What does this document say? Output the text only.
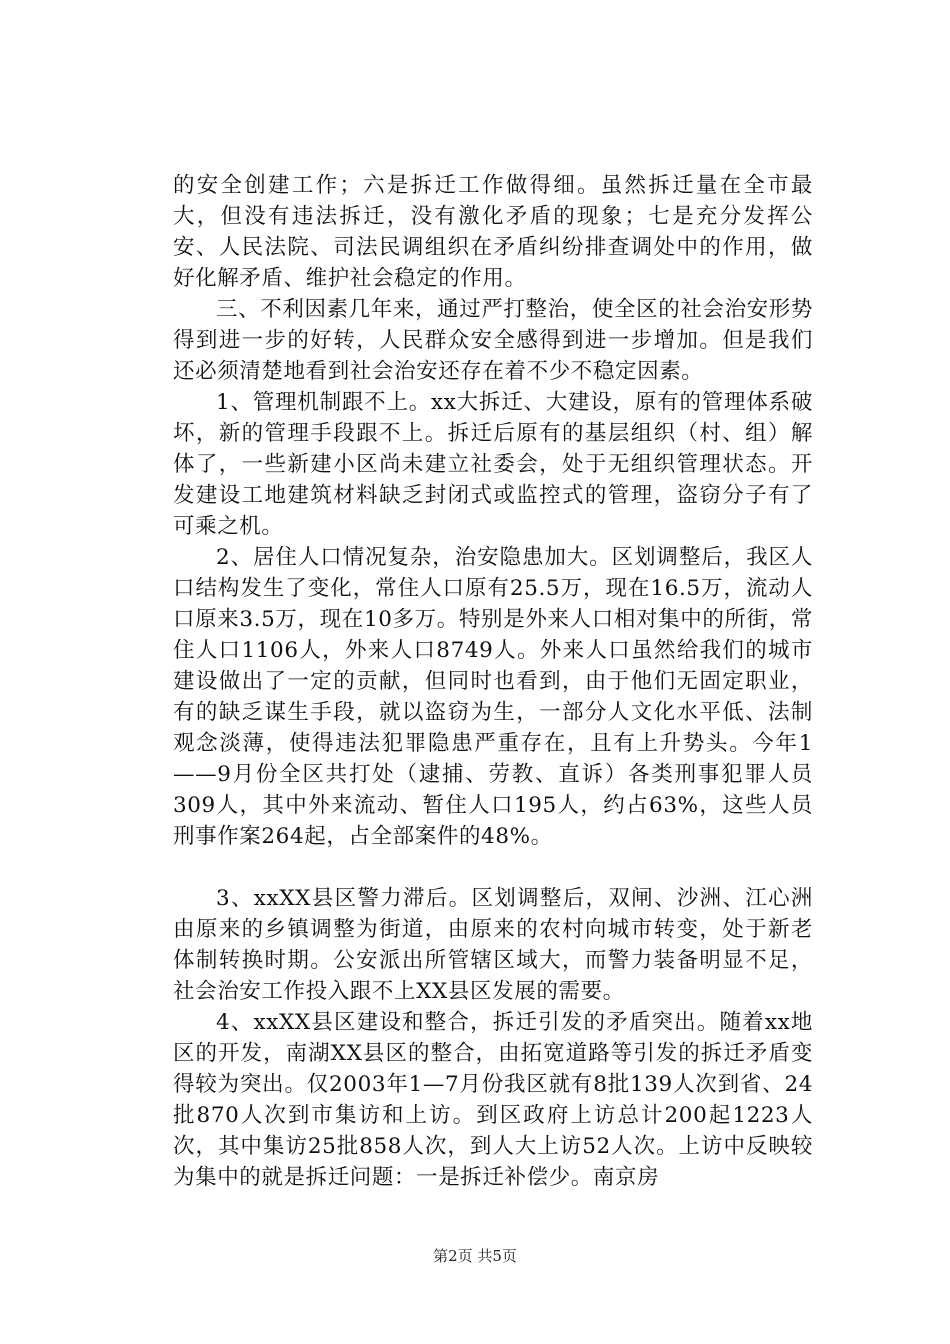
的安全创建工作；六是拆迁工作做得细。虽然拆迁量在全市最大，但没有违法拆迁，没有激化矛盾的现象；七是充分发挥公安、人民法院、司法民调组织在矛盾纠纷排查调处中的作用，做好化解矛盾、维护社会稳定的作用。

三、不利因素几年来，通过严打整治，使全区的社会治安形势得到进一步的好转，人民群众安全感得到进一步增加。但是我们还必须清楚地看到社会治安还存在着不少不稳定因素。

1、管理机制跟不上。xx大拆迁、大建设，原有的管理体系破坏，新的管理手段跟不上。拆迁后原有的基层组织（村、组）解体了，一些新建小区尚未建立社委会，处于无组织管理状态。开发建设工地建筑材料缺乏封闭式或监控式的管理，盗窃分子有了可乘之机。

2、居住人口情况复杂，治安隐患加大。区划调整后，我区人口结构发生了变化，常住人口原有25.5万，现在16.5万，流动人口原来3.5万，现在10多万。特别是外来人口相对集中的所街，常住人口1106人，外来人口8749人。外来人口虽然给我们的城市建设做出了一定的贡献，但同时也看到，由于他们无固定职业，有的缺乏谋生手段，就以盗窃为生，一部分人文化水平低、法制观念淡薄，使得违法犯罪隐患严重存在，且有上升势头。今年1——9月份全区共打处（逮捕、劳教、直诉）各类刑事犯罪人员309人，其中外来流动、暂住人口195人，约占63%，这些人员刑事作案264起，占全部案件的48%。

3、xxXX县区警力滞后。区划调整后，双闸、沙洲、江心洲由原来的乡镇调整为街道，由原来的农村向城市转变，处于新老体制转换时期。公安派出所管辖区域大，而警力装备明显不足，社会治安工作投入跟不上XX县区发展的需要。

4、xxXX县区建设和整合，拆迁引发的矛盾突出。随着xx地区的开发，南湖XX县区的整合，由拓宽道路等引发的拆迁矛盾变得较为突出。仅2003年1—7月份我区就有8批139人次到省、24批870人次到市集访和上访。到区政府上访总计200起1223人次，其中集访25批858人次，到人大上访52人次。上访中反映较为集中的就是拆迁问题：一是拆迁补偿少。南京房

第2页 共5页
